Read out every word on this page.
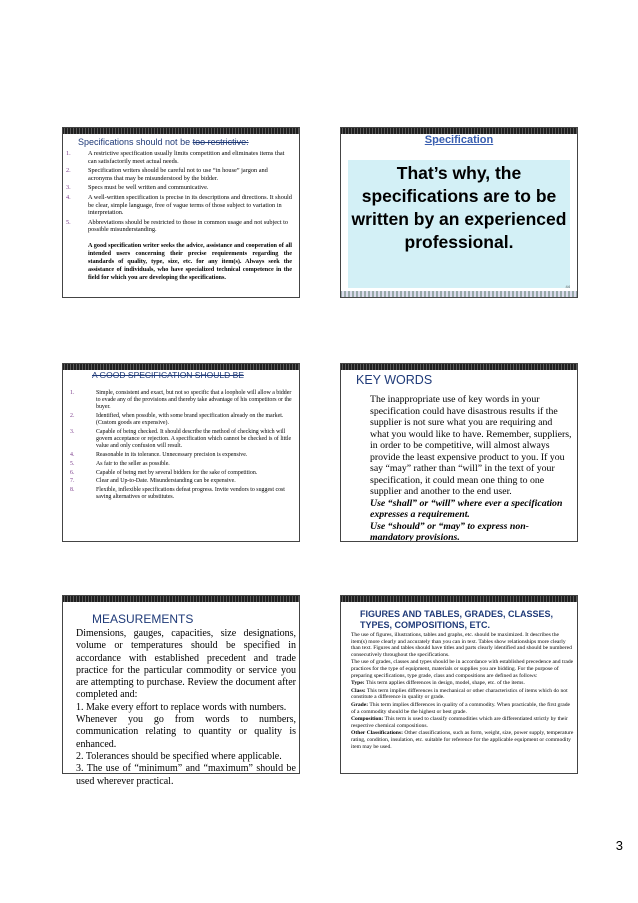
Specifications should not be too restrictive:
1.	A restrictive specification usually limits competition and eliminates items that can satisfactorily meet actual needs.
2.	Specification writers should be careful not to use “in house” jargon and acronyms that may be misunderstood by the bidder.
3.	Specs must be well written and communicative.
4.	A well-written specification is precise in its descriptions and directions. It should be clear, simple language, free of vague terms of those subject to variation in interpretation.
5.	Abbreviations should be restricted to those in common usage and not subject to possible misunderstanding.
A good specification writer seeks the advice, assistance and cooperation of all intended users concerning their precise requirements regarding the standards of quality, type, size, etc. for any item(s). Always seek the assistance of individuals, who have specialized technical competence in the field for which you are developing the specifications.
Specification
That’s why, the specifications are to be written by an experienced professional.
44
A GOOD SPECIFICATION SHOULD BE
1.	Simple, consistent and exact, but not so specific that a loophole will allow a bidder to evade any of the provisions and thereby take advantage of his competitors or the buyer.
2.	Identified, when possible, with some brand specification already on the market. (Custom goods are expensive).
3.	Capable of being checked. It should describe the method of checking which will govern acceptance or rejection. A specification which cannot be checked is of little value and only confusion will result.
4.	Reasonable in its tolerance. Unnecessary precision is expensive.
5.	As fair to the seller as possible.
6.	Capable of being met by several bidders for the sake of competition.
7.	Clear and Up-to-Date. Misunderstanding can be expensive.
8.	Flexible, inflexible specifications defeat progress. Invite vendors to suggest cost saving alternatives or substitutes.
KEY WORDS
The inappropriate use of key words in your specification could have disastrous results if the supplier is not sure what you are requiring and what you would like to have. Remember, suppliers, in order to be competitive, will almost always provide the least expensive product to you. If you say “may” rather than “will” in the text of your specification, it could mean one thing to one supplier and another to the end user.
Use “shall” or “will” where ever a specification expresses a requirement.
Use “should” or “may” to express non-mandatory provisions.
MEASUREMENTS
Dimensions, gauges, capacities, size designations, volume or temperatures should be specified in accordance with established precedent and trade practice for the particular commodity or service you are attempting to purchase. Review the document after completed and:
1. Make every effort to replace words with numbers.
Whenever you go from words to numbers, communication relating to quantity or quality is enhanced.
2. Tolerances should be specified where applicable.
3. The use of “minimum” and “maximum” should be used wherever practical.
FIGURES AND TABLES, GRADES, CLASSES, TYPES, COMPOSITIONS, ETC.
The use of figures, illustrations, tables and graphs, etc. should be maximized. It describes the item(s) more clearly and accurately than you can in text. Tables show relationships more clearly than text. Figures and tables should have titles and parts clearly identified and should be numbered consecutively throughout the specifications.
The use of grades, classes and types should be in accordance with established precedence and trade practices for the type of equipment, materials or supplies you are bidding. For the purpose of preparing specifications, type grade, class and compositions are defined as follows:
Type: This term applies differences in design, model, shape, etc. of the items.
Class: This term implies differences in mechanical or other characteristics of items which do not constitute a difference in quality or grade.
Grade: This term implies differences in quality of a commodity. When practicable, the first grade of a commodity should be the highest or best grade.
Composition: This term is used to classify commodities which are differentiated strictly by their respective chemical compositions.
Other Classifications: Other classifications, such as form, weight, size, power supply, temperature rating, condition, insulation, etc. suitable for reference for the applicable equipment or commodity item may be used.
3
